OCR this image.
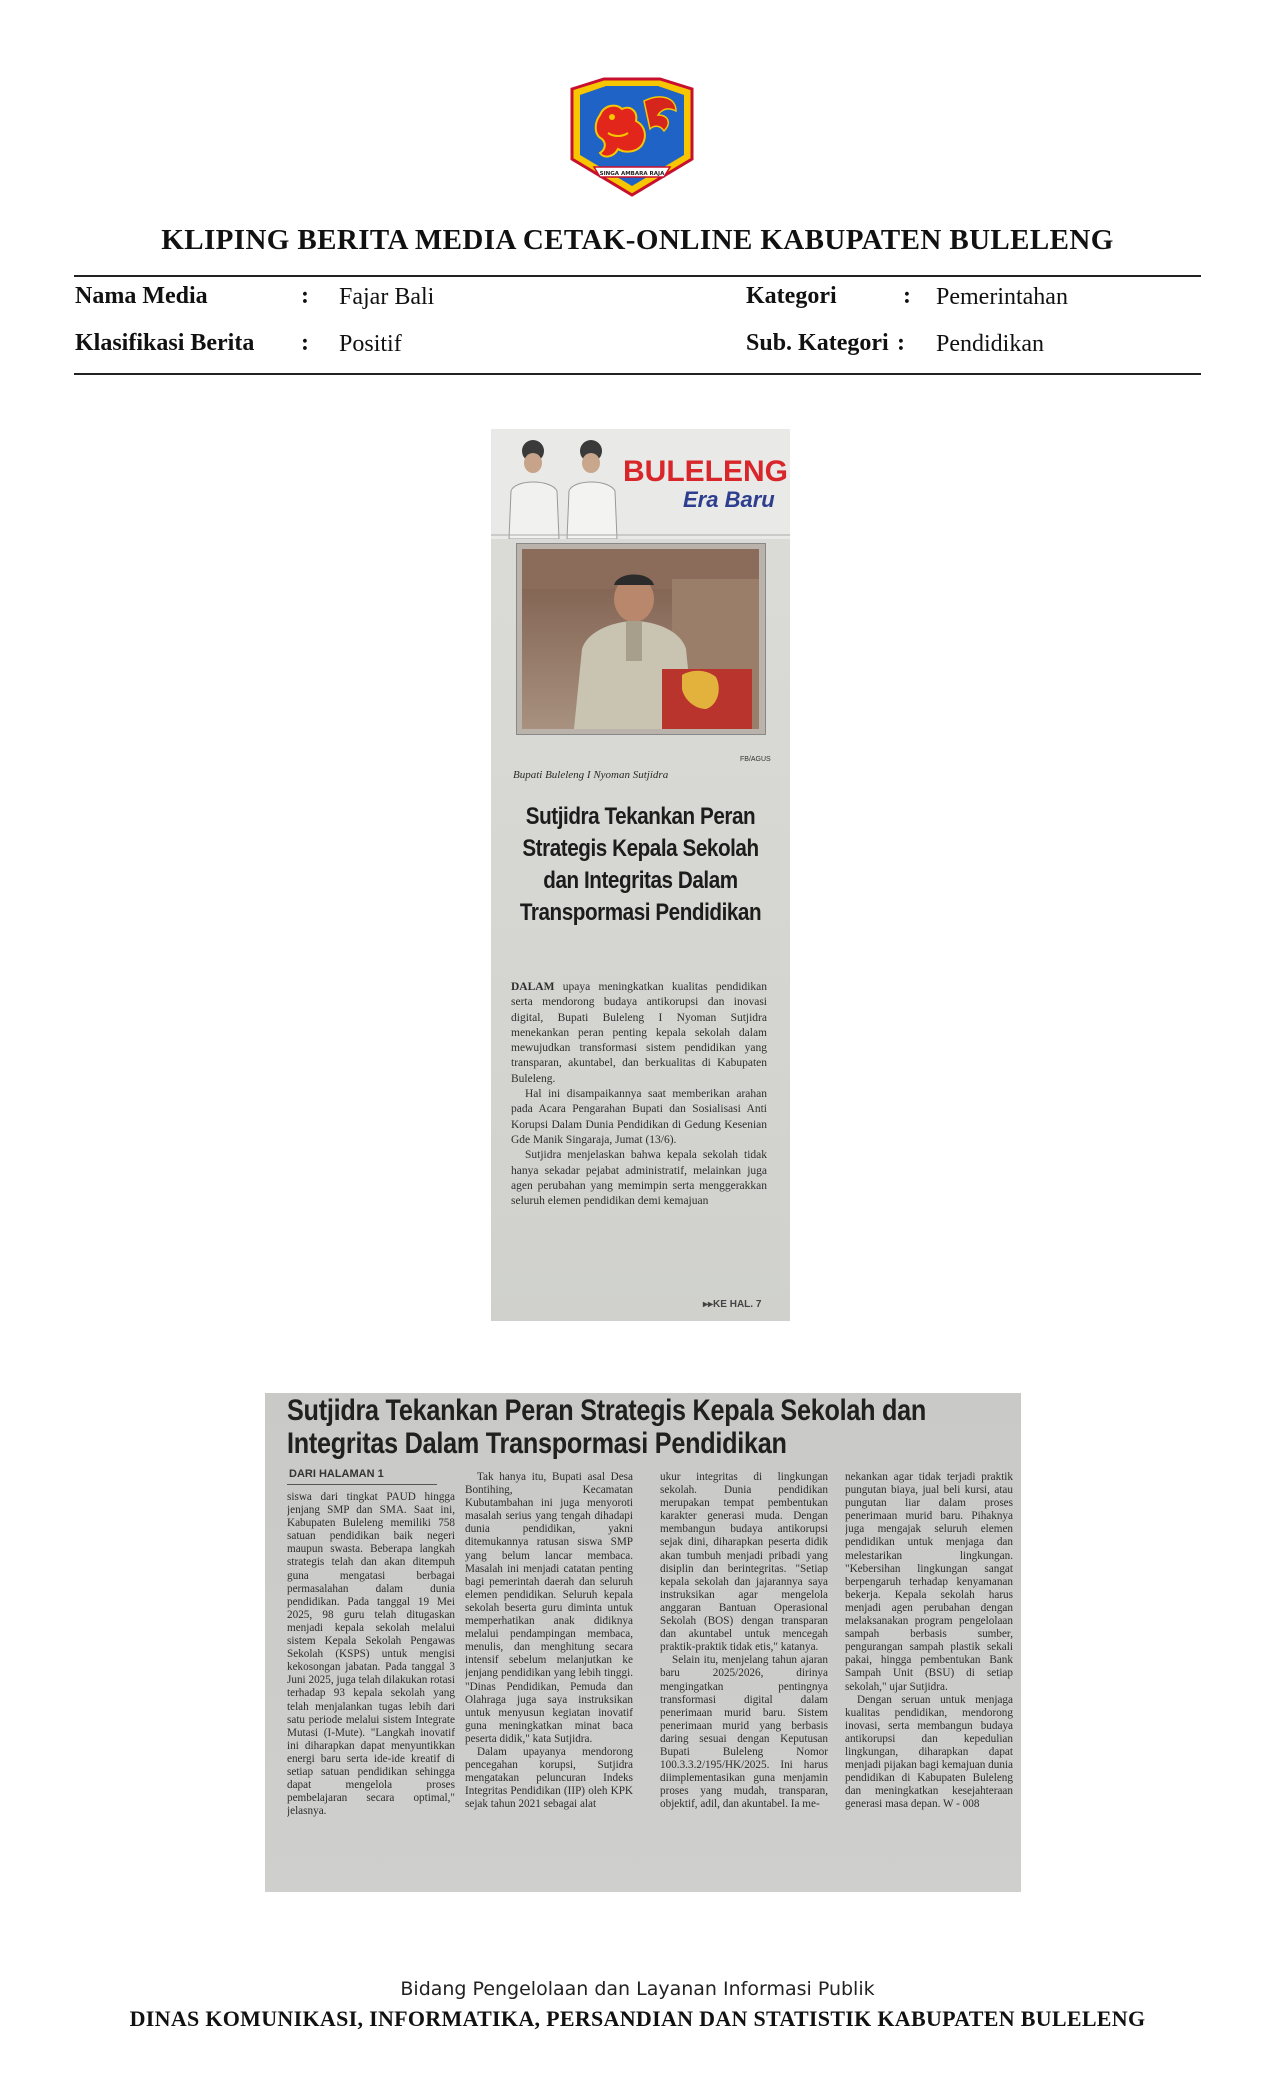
SINGA AMBARA RAJA
KLIPING BERITA MEDIA CETAK-ONLINE KABUPATEN BULELENG
Nama Media	: Fajar Bali	Kategori	: Pemerintahan
Klasifikasi Berita : Positif	Sub. Kategori : Pendidikan
BULELENG
Era Baru
FB/AGUS
Bupati Buleleng I Nyoman Sutjidra
Sutjidra Tekankan Peran Strategis Kepala Sekolah dan Integritas Dalam Transpormasi Pendidikan

DALAM upaya meningkatkan kualitas pendidikan serta mendorong budaya antikorupsi dan inovasi digital, Bupati Buleleng I Nyoman Sutjidra menekankan peran penting kepala sekolah dalam mewujudkan transformasi sistem pendidikan yang transparan, akuntabel, dan berkualitas di Kabupaten Buleleng.

Hal ini disampaikannya saat memberikan arahan pada Acara Pengarahan Bupati dan Sosialisasi Anti Korupsi Dalam Dunia Pendidikan di Gedung Kesenian Gde Manik Singaraja, Jumat (13/6).

Sutjidra menjelaskan bahwa kepala sekolah tidak hanya sekadar pejabat administratif, melainkan juga agen perubahan yang memimpin serta menggerakkan seluruh elemen pendidikan demi kemajuan

▸▸KE HAL. 7
Sutjidra Tekankan Peran Strategis Kepala Sekolah dan Integritas Dalam Transpormasi Pendidikan
DARI HALAMAN 1

siswa dari tingkat PAUD hingga jenjang SMP dan SMA. Saat ini, Kabupaten Buleleng memiliki 758 satuan pendidikan baik negeri maupun swasta. Beberapa langkah strategis telah dan akan ditempuh guna mengatasi berbagai permasalahan dalam dunia pendidikan. Pada tanggal 19 Mei 2025, 98 guru telah ditugaskan menjadi kepala sekolah melalui sistem Kepala Sekolah Pengawas Sekolah (KSPS) untuk mengisi kekosongan jabatan. Pada tanggal 3 Juni 2025, juga telah dilakukan rotasi terhadap 93 kepala sekolah yang telah menjalankan tugas lebih dari satu periode melalui sistem Integrate Mutasi (I-Mute). "Langkah inovatif ini diharapkan dapat menyuntikkan energi baru serta ide-ide kreatif di setiap satuan pendidikan sehingga dapat mengelola proses pembelajaran secara optimal," jelasnya.

Tak hanya itu, Bupati asal Desa Bontihing, Kecamatan Kubutambahan ini juga menyoroti masalah serius yang tengah dihadapi dunia pendidikan, yakni ditemukannya ratusan siswa SMP yang belum lancar membaca. Masalah ini menjadi catatan penting bagi pemerintah daerah dan seluruh elemen pendidikan. Seluruh kepala sekolah beserta guru diminta untuk memperhatikan anak didiknya melalui pendampingan membaca, menulis, dan menghitung secara intensif sebelum melanjutkan ke jenjang pendidikan yang lebih tinggi. "Dinas Pendidikan, Pemuda dan Olahraga juga saya instruksikan untuk menyusun kegiatan inovatif guna meningkatkan minat baca peserta didik," kata Sutjidra.

Dalam upayanya mendorong pencegahan korupsi, Sutjidra mengatakan peluncuran Indeks Integritas Pendidikan (IIP) oleh KPK sejak tahun 2021 sebagai alat

ukur integritas di lingkungan sekolah. Dunia pendidikan merupakan tempat pembentukan karakter generasi muda. Dengan membangun budaya antikorupsi sejak dini, diharapkan peserta didik akan tumbuh menjadi pribadi yang disiplin dan berintegritas. "Setiap kepala sekolah dan jajarannya saya instruksikan agar mengelola anggaran Bantuan Operasional Sekolah (BOS) dengan transparan dan akuntabel untuk mencegah praktik-praktik tidak etis," katanya.

Selain itu, menjelang tahun ajaran baru 2025/2026, dirinya mengingatkan pentingnya transformasi digital dalam penerimaan murid baru. Sistem penerimaan murid yang berbasis daring sesuai dengan Keputusan Bupati Buleleng Nomor 100.3.3.2/195/HK/2025. Ini harus diimplementasikan guna menjamin proses yang mudah, transparan, objektif, adil, dan akuntabel. Ia me-

nekankan agar tidak terjadi praktik pungutan biaya, jual beli kursi, atau pungutan liar dalam proses penerimaan murid baru. Pihaknya juga mengajak seluruh elemen pendidikan untuk menjaga dan melestarikan lingkungan. "Kebersihan lingkungan sangat berpengaruh terhadap kenyamanan bekerja. Kepala sekolah harus menjadi agen perubahan dengan melaksanakan program pengelolaan sampah berbasis sumber, pengurangan sampah plastik sekali pakai, hingga pembentukan Bank Sampah Unit (BSU) di setiap sekolah," ujar Sutjidra.

Dengan seruan untuk menjaga kualitas pendidikan, mendorong inovasi, serta membangun budaya antikorupsi dan kepedulian lingkungan, diharapkan dapat menjadi pijakan bagi kemajuan dunia pendidikan di Kabupaten Buleleng dan meningkatkan kesejahteraan generasi masa depan. W - 008

Bidang Pengelolaan dan Layanan Informasi Publik
DINAS KOMUNIKASI, INFORMATIKA, PERSANDIAN DAN STATISTIK KABUPATEN BULELENG
